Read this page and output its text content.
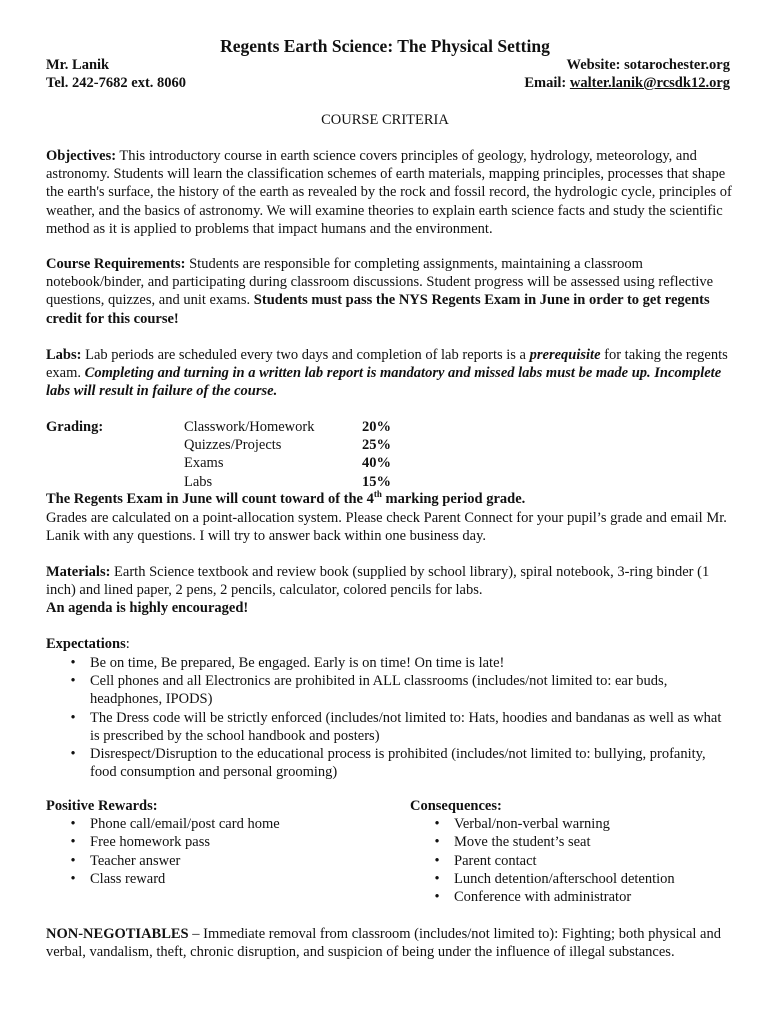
Regents Earth Science: The Physical Setting
Mr. Lanik
Tel. 242-7682 ext. 8060
Website: sotarochester.org
Email: walter.lanik@rcsdk12.org
COURSE CRITERIA
Objectives: This introductory course in earth science covers principles of geology, hydrology, meteorology, and astronomy. Students will learn the classification schemes of earth materials, mapping principles, processes that shape the earth's surface, the history of the earth as revealed by the rock and fossil record, the hydrologic cycle, principles of weather, and the basics of astronomy. We will examine theories to explain earth science facts and study the scientific method as it is applied to problems that impact humans and the environment.
Course Requirements: Students are responsible for completing assignments, maintaining a classroom notebook/binder, and participating during classroom discussions. Student progress will be assessed using reflective questions, quizzes, and unit exams. Students must pass the NYS Regents Exam in June in order to get regents credit for this course!
Labs: Lab periods are scheduled every two days and completion of lab reports is a prerequisite for taking the regents exam. Completing and turning in a written lab report is mandatory and missed labs must be made up. Incomplete labs will result in failure of the course.
Grading:	Classwork/Homework	20%
Quizzes/Projects	25%
Exams	40%
Labs	15%
The Regents Exam in June will count toward of the 4th marking period grade.
Grades are calculated on a point-allocation system. Please check Parent Connect for your pupil’s grade and email Mr. Lanik with any questions. I will try to answer back within one business day.
Materials: Earth Science textbook and review book (supplied by school library), spiral notebook, 3-ring binder (1 inch) and lined paper, 2 pens, 2 pencils, calculator, colored pencils for labs.
An agenda is highly encouraged!
Expectations:
• Be on time, Be prepared, Be engaged. Early is on time! On time is late!
• Cell phones and all Electronics are prohibited in ALL classrooms (includes/not limited to: ear buds, headphones, IPODS)
• The Dress code will be strictly enforced (includes/not limited to: Hats, hoodies and bandanas as well as what is prescribed by the school handbook and posters)
• Disrespect/Disruption to the educational process is prohibited (includes/not limited to: bullying, profanity, food consumption and personal grooming)
Positive Rewards:
• Phone call/email/post card home
• Free homework pass
• Teacher answer
• Class reward
Consequences:
• Verbal/non-verbal warning
• Move the student’s seat
• Parent contact
• Lunch detention/afterschool detention
• Conference with administrator
NON-NEGOTIABLES – Immediate removal from classroom (includes/not limited to): Fighting; both physical and verbal, vandalism, theft, chronic disruption, and suspicion of being under the influence of illegal substances.
